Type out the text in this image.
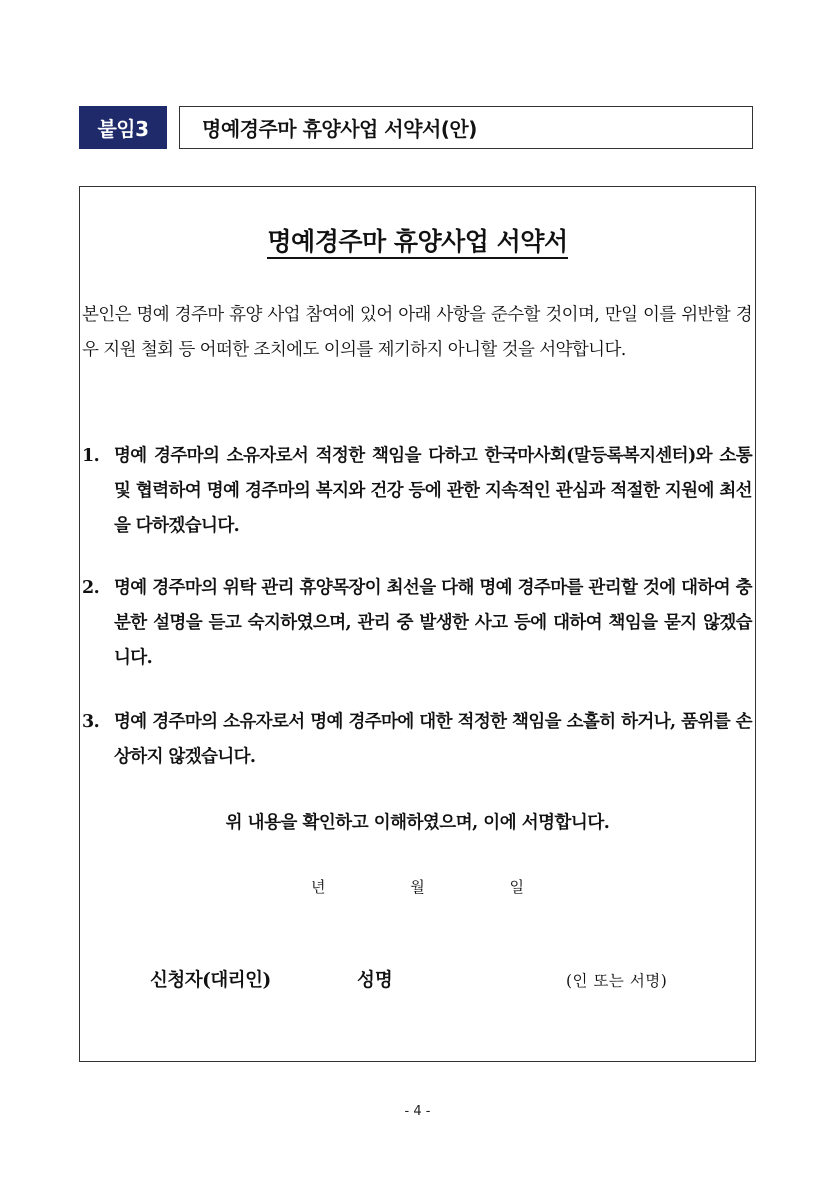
붙임3	명예경주마 휴양사업 서약서(안)
명예경주마 휴양사업 서약서

본인은 명예 경주마 휴양 사업 참여에 있어 아래 사항을 준수할 것이며, 만일 이를 위반할 경우 지원 철회 등 어떠한 조치에도 이의를 제기하지 아니할 것을 서약합니다.

1. 명예 경주마의 소유자로서 적정한 책임을 다하고 한국마사회(말등록복지센터)와 소통 및 협력하여 명예 경주마의 복지와 건강 등에 관한 지속적인 관심과 적절한 지원에 최선을 다하겠습니다.

2. 명예 경주마의 위탁 관리 휴양목장이 최선을 다해 명예 경주마를 관리할 것에 대하여 충분한 설명을 듣고 숙지하였으며, 관리 중 발생한 사고 등에 대하여 책임을 묻지 않겠습니다.

3. 명예 경주마의 소유자로서 명예 경주마에 대한 적정한 책임을 소홀히 하거나, 품위를 손상하지 않겠습니다.

위 내용을 확인하고 이해하였으며, 이에 서명합니다.
년	월	일
신청자(대리인)	성명	(인 또는 서명)
- 4 -
